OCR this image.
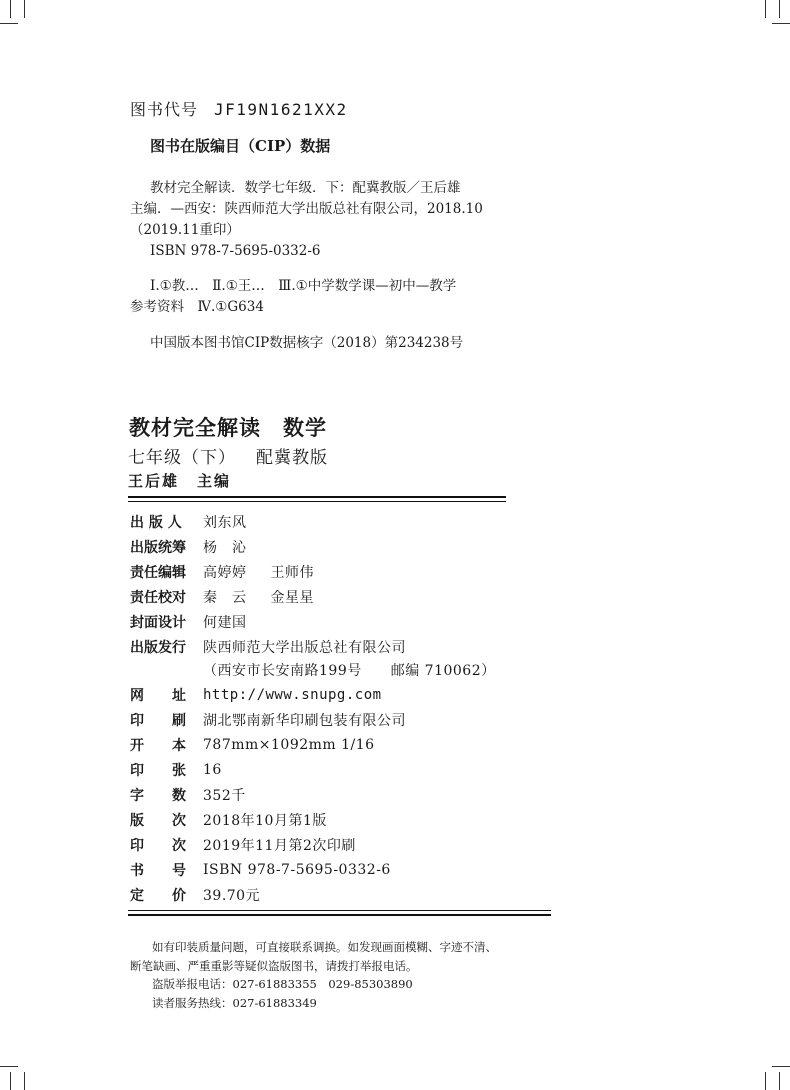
图书代号 JF19N1621XX2
图书在版编目（CIP）数据

教材完全解读．数学七年级．下：配冀教版／王后雄

主编．—西安：陕西师范大学出版总社有限公司，2018.10

（2019.11重印）

ISBN 978-7-5695-0332-6

Ⅰ.①教…　Ⅱ.①王…　Ⅲ.①中学数学课—初中—教学

参考资料　Ⅳ.①G634

中国版本图书馆CIP数据核字（2018）第234238号

教材完全解读 数学
七年级（下） 配冀教版
王后雄 主编
出 版 人	刘东风
出版统筹	杨　沁
责任编辑	高婷婷 王师伟
责任校对	秦　云 金星星
封面设计	何建国
出版发行	陕西师范大学出版总社有限公司
（西安市长安南路199号　　邮编 710062）
网　　址	http://www.snupg.com
印　　刷	湖北鄂南新华印刷包装有限公司
开　　本	787mm×1092mm 1/16
印　　张	16
字　　数	352千
版　　次	2018年10月第1版
印　　次	2019年11月第2次印刷
书　　号	ISBN 978-7-5695-0332-6
定　　价	39.70元

如有印装质量问题，可直接联系调换。如发现画面模糊、字迹不清、

断笔缺画、严重重影等疑似盗版图书，请拨打举报电话。

盗版举报电话：027-61883355　029-85303890

读者服务热线：027-61883349
